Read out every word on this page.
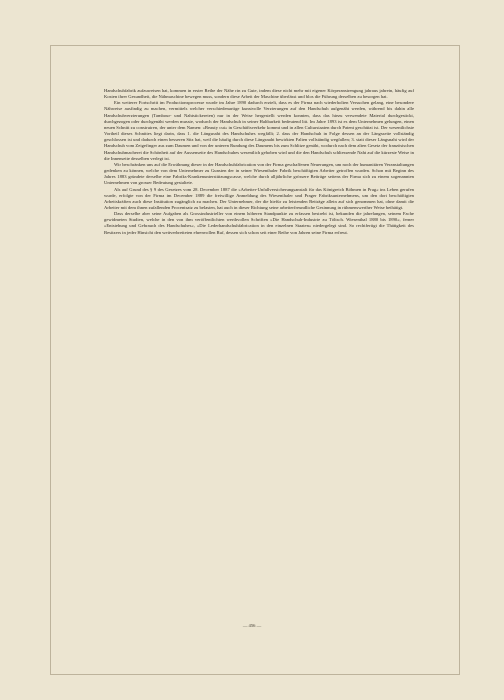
Handschuhfabrik aufzuweisen hat, kommen in erster Reihe der Nähe rin zu Gute, indem diese nicht mehr mit eigener Körperanstrengung jahraus jahrein, häufig auf Kosten ihrer Gesundheit, die Nähmaschine bewegen muss, sondern diese Arbeit der Maschine überlässt und blos die Führung derselben zu besorgen hat.

Ein weiterer Fortschritt im Productionsprocesse wurde im Jahre 1890 dadurch erzielt, dass es der Firma nach wiederholten Versuchen gelang, eine besondere Nähweise ausfindig zu machen, vermittels welcher verschiedenartige kunstvolle Verzierungen auf den Handschuh aufgenäht werden, während bis dahin alle Handschuhverzierungen (Tambour- und Nahtstickereien) nur in der Weise hergestellt werden konnten, dass das hiezu verwendete Material durchgestickt, durchgezogen oder durchgenäht werden musste, wodurch der Handschuh in seiner Haltbarkeit bedeutend litt. Im Jahre 1893 ist es dem Unternehmen gelungen, einen neuen Schnitt zu construiren, der unter dem Namen: »Beauty cut« in Geschäftsverkehr kommt und in allen Culturstaaten durch Patent geschützt ist. Der wesentlichste Vortheil dieses Schnittes liegt darin, dass 1. die Längsnaht des Handschuhes wegfällt; 2. dass der Handschuh in Folge dessen an der Längsseite vollständig geschlossen ist und dadurch einen besseren Sitz hat, weil die häufig durch diese Längsnaht bewirkten Falten vollständig wegfallen; 3. statt dieser Längsnaht wird der Handschuh vom Zeigefinger aus zum Daumen und von der unteren Rundung des Daumens bis zum Schlitze genäht, wodurch nach dem alten Gesetz der französischen Handschuhmacherei die Schönheit auf der Aussenseite des Handschuhes wesentlich gehoben wird und die den Handschuh schliessende Naht auf die kürzeste Weise in die Innenseite desselben verlegt ist.

Wir beschränken uns auf die Erwähnung dieser in der Handschuhfabrication von der Firma geschaffenen Neuerungen, um noch der humanitären Veranstaltungen gedenken zu können, welche von dem Unternehmer zu Gunsten der in seiner Wiesenthaler Fabrik beschäftigten Arbeiter getroffen wurden. Schon mit Beginn des Jahres 1883 gründete derselbe eine Fabriks-Krankenunterstützungscasse, welche durch alljährliche grössere Beiträge seitens der Firma sich zu einem sogenannten Unternehmen von grosser Bedeutung gestaltete.

Als auf Grund des § 9 des Gesetzes vom 28. December 1887 die »Arbeiter-Unfallversicherungsanstalt für das Königreich Böhmen in Prag« ins Leben gerufen wurde, erfolgte von der Firma im December 1889 die freiwillige Anmeldung des Wiesenthaler und Prager Fabriksunternehmens, um den dort beschäftigten Arbeitskräften auch diese Institution zugänglich zu machen. Der Unternehmer, der die hiefür zu leistenden Beiträge allein auf sich genommen hat, ohne damit die Arbeiter mit dem ihnen zufallenden Procentsatz zu belasten, hat auch in dieser Richtung seine arbeiterfreundliche Gesinnung in rühmenswerther Weise bethätigt.

Dass derselbe aber seine Aufgaben als Grossindustrieller von einem höheren Standpunkte zu erfassen bestrebt ist, bekunden die jahrelangen, seinem Fache gewidmeten Studien, welche in den von ihm veröffentlichten werthvollen Schriften »Die Handschuh-Industrie zu Töltsch. Wiesenthal 1880 bis 1890«, ferner »Entstehung und Gebrauch des Handschuhes«, »Die Lederhandschuhfabrication in den einzelnen Staaten« niedergelegt sind. So rechtfertigt die Thätigkeit des Besitzers in jeder Hinsicht den weitverbreiteten ehrenvollen Ruf, dessen sich schon seit einer Reihe von Jahren seine Firma erfreut.

— 456 —
